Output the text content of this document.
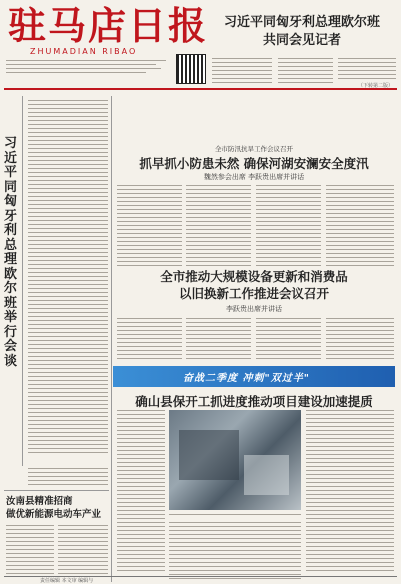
驻马店日报
ZHUMADIAN RIBAO
习近平同匈牙利总理欧尔班
共同会见记者
（下转第二版）
习近平同匈牙利总理欧尔班举行会谈
全市防汛抗旱工作会议召开
抓早抓小防患未然 确保河湖安澜安全度汛
魏然参会出席 李跃贵出席并讲话
全市推动大规模设备更新和消费品
以旧换新工作推进会议召开
李跃贵出席并讲话
奋战二季度 冲刺"双过半"
确山县保开工抓进度推动项目建设加速提质
汝南县精准招商
做优新能源电动车产业
责任编辑 本文审 编辑与
